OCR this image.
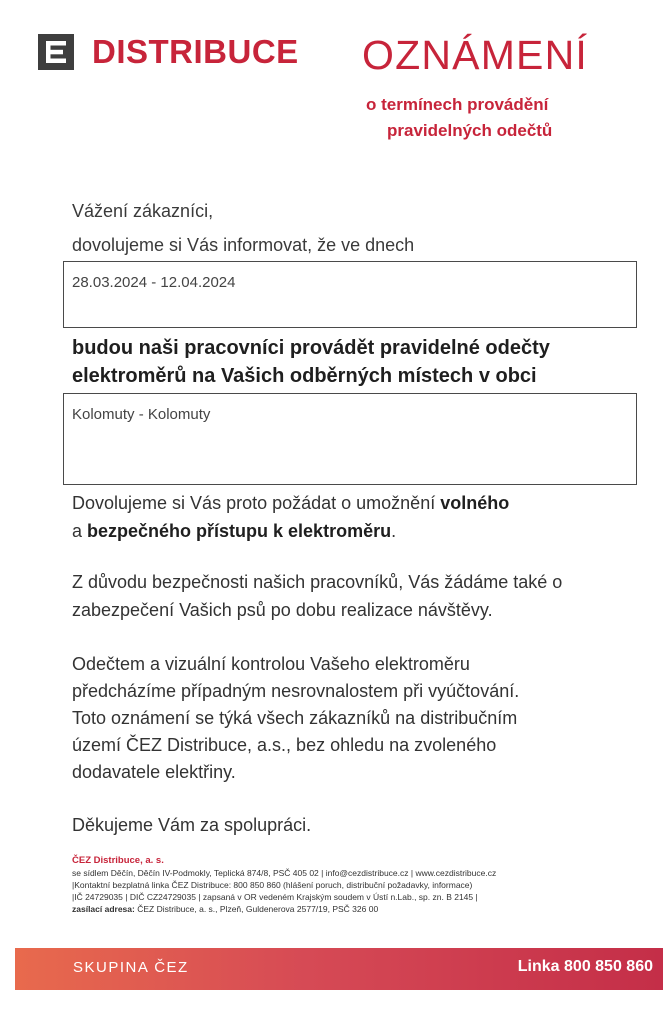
DISTRIBUCE OZNÁMENÍ
o termínech provádění
pravidelných odečtů
Vážení zákazníci,
dovolujeme si Vás informovat, že ve dnech
28.03.2024 - 12.04.2024
budou naši pracovníci provádět pravidelné odečty
elektroměrů na Vašich odběrných místech v obci
Kolomuty - Kolomuty
Dovolujeme si Vás proto požádat o umožnění volného
a bezpečného přístupu k elektroměru.
Z důvodu bezpečnosti našich pracovníků, Vás žádáme také o
zabezpečení Vašich psů po dobu realizace návštěvy.
Odečtem a vizuální kontrolou Vašeho elektroměru
předcházíme případným nesrovnalostem při vyúčtování.
Toto oznámení se týká všech zákazníků na distribučním
území ČEZ Distribuce, a.s., bez ohledu na zvoleného
dodavatele elektřiny.
Děkujeme Vám za spolupráci.
ČEZ Distribuce, a. s.
se sídlem Děčín, Děčín IV-Podmokly, Teplická 874/8, PSČ 405 02 | info@cezdistribuce.cz | www.cezdistribuce.cz
|Kontaktní bezplatná linka ČEZ Distribuce: 800 850 860 (hlášení poruch, distribuční požadavky, informace)
|IČ 24729035 | DIČ CZ24729035 | zapsaná v OR vedeném Krajským soudem v Ústí n.Lab., sp. zn. B 2145 |
zasílací adresa: ČEZ Distribuce, a. s., Plzeň, Guldenerova 2577/19, PSČ 326 00
SKUPINA ČEZ	Linka 800 850 860
